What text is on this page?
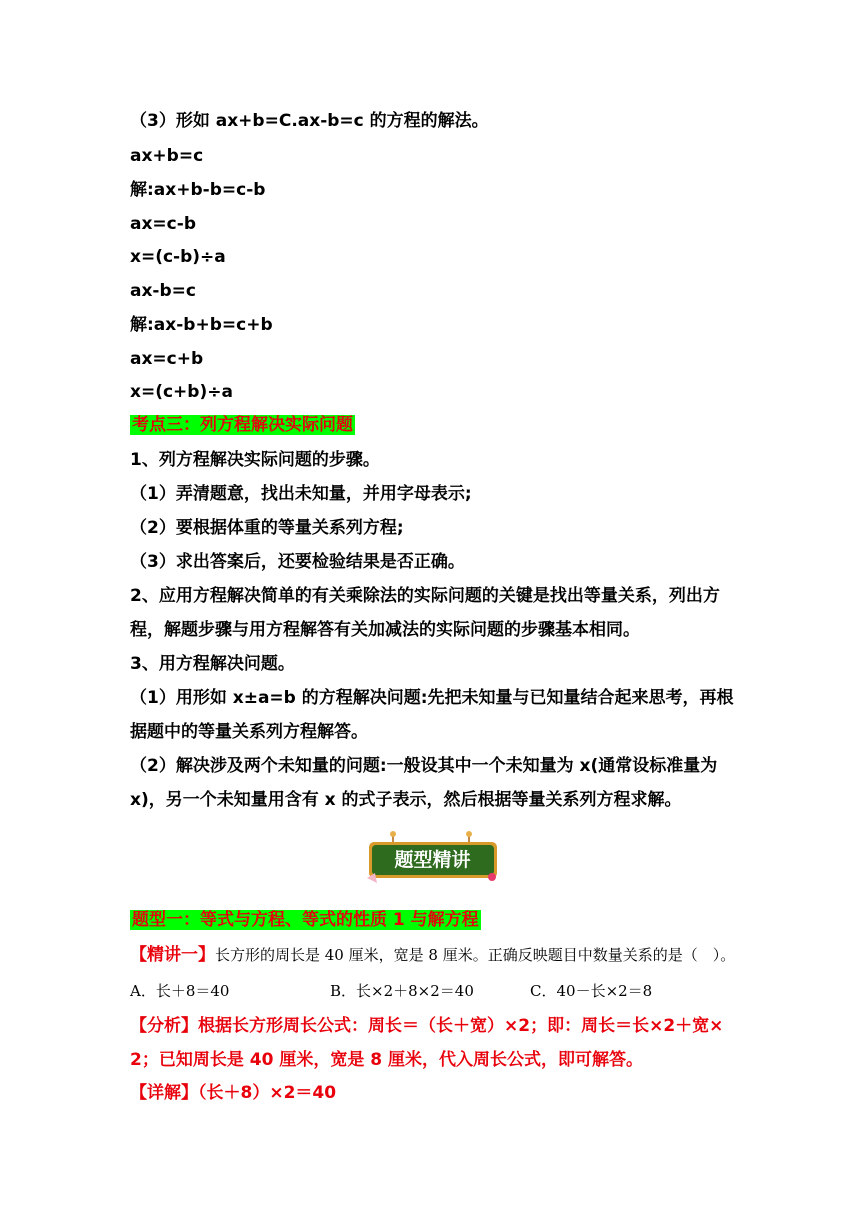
（3）形如 ax+b=C.ax-b=c 的方程的解法。
ax+b=c
解:ax+b-b=c-b
ax=c-b
x=(c-b)÷a
ax-b=c
解:ax-b+b=c+b
ax=c+b
x=(c+b)÷a
考点三：列方程解决实际问题
1、列方程解决实际问题的步骤。
（1）弄清题意，找出未知量，并用字母表示;
（2）要根据体重的等量关系列方程;
（3）求出答案后，还要检验结果是否正确。
2、应用方程解决简单的有关乘除法的实际问题的关键是找出等量关系，列出方
程，解题步骤与用方程解答有关加减法的实际问题的步骤基本相同。
3、用方程解决问题。
（1）用形如 x±a=b 的方程解决问题:先把未知量与已知量结合起来思考，再根
据题中的等量关系列方程解答。
（2）解决涉及两个未知量的问题:一般设其中一个未知量为 x(通常设标准量为
x)，另一个未知量用含有 x 的式子表示，然后根据等量关系列方程求解。
题型精讲
题型一：等式与方程、等式的性质 1 与解方程
【精讲一】长方形的周长是 40 厘米，宽是 8 厘米。正确反映题目中数量关系的是（　）。
A．长＋8＝40	B．长×2＋8×2＝40	C．40－长×2＝8
【分析】根据长方形周长公式：周长＝（长＋宽）×2；即：周长＝长×2＋宽×
2；已知周长是 40 厘米，宽是 8 厘米，代入周长公式，即可解答。
【详解】（长＋8）×2＝40
